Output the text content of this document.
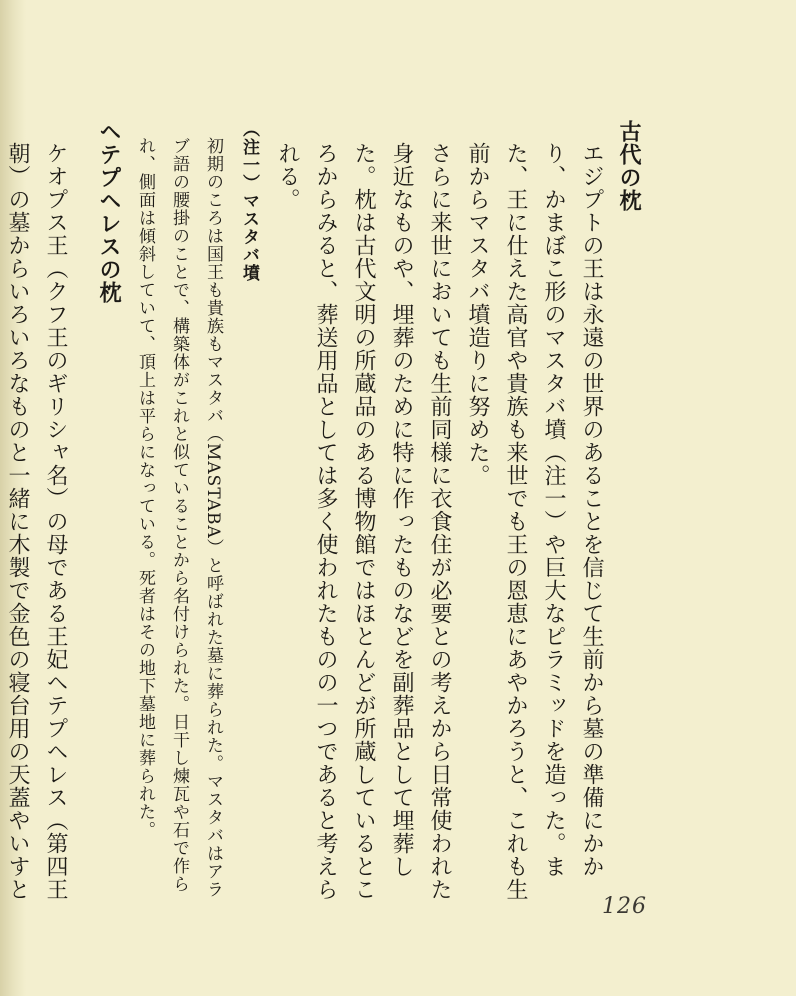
古代の枕

エジプトの王は永遠の世界のあることを信じて生前から墓の準備にかかり、かまぼこ形のマスタバ墳（注一）や巨大なピラミッドを造った。また、王に仕えた高官や貴族も来世でも王の恩恵にあやかろうと、これも生前からマスタバ墳造りに努めた。

さらに来世においても生前同様に衣食住が必要との考えから日常使われた身近なものや、埋葬のために特に作ったものなどを副葬品として埋葬した。枕は古代文明の所蔵品のある博物館ではほとんどが所蔵しているところからみると、葬送用品としては多く使われたものの一つであると考えられる。

（注一）マスタバ墳

初期のころは国王も貴族もマスタバ（MASTABA）と呼ばれた墓に葬られた。マスタバはアラブ語の腰掛のことで、構築体がこれと似ていることから名付けられた。日干し煉瓦や石で作られ、側面は傾斜していて、頂上は平らになっている。死者はその地下墓地に葬られた。

ヘテプヘレスの枕

ケオプス王（クフ王のギリシャ名）の母である王妃ヘテプヘレス（第四王朝）の墓からいろいろなものと一緒に木製で金色の寝台用の天蓋やいすと

126
